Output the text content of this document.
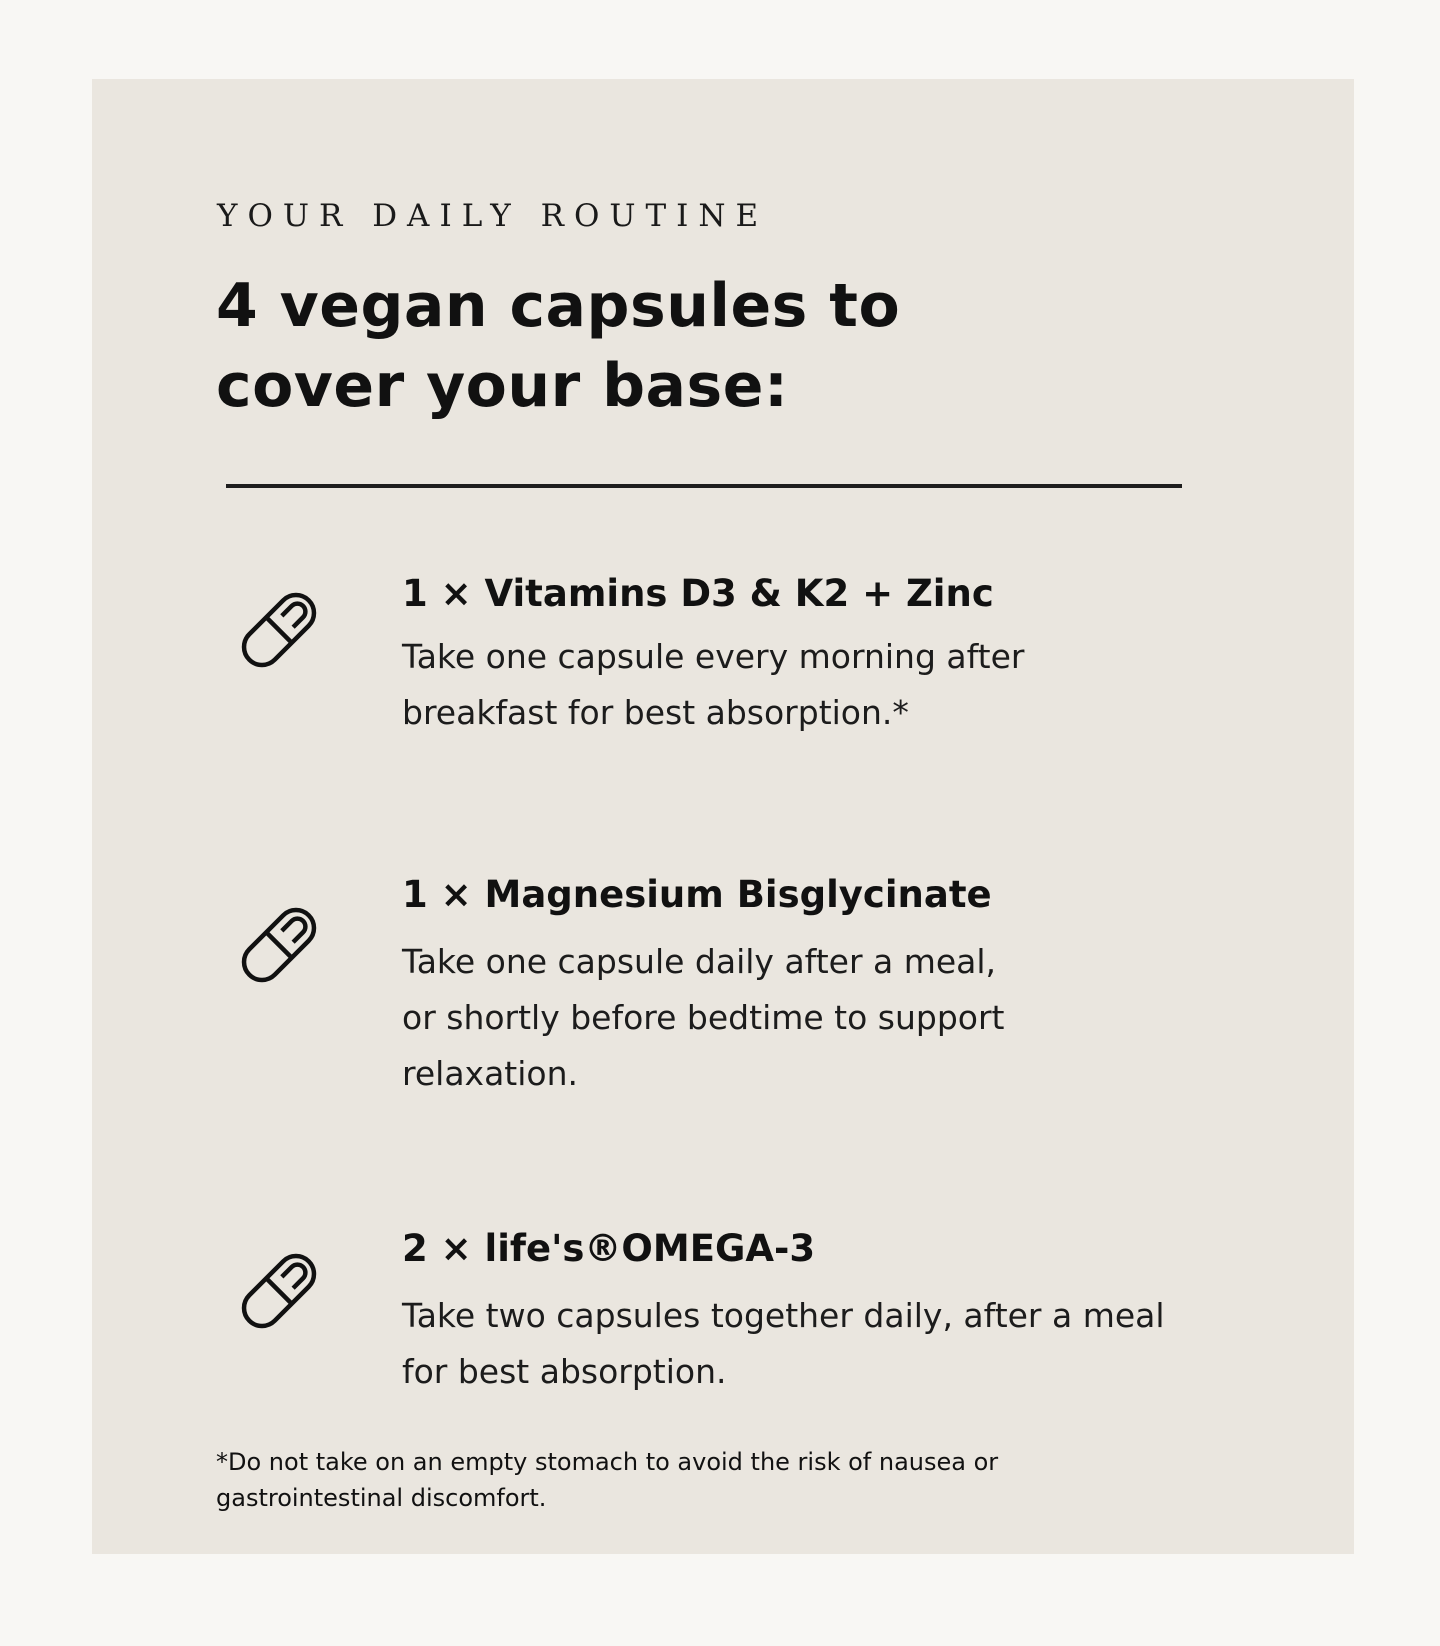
YOUR DAILY ROUTINE
4 vegan capsules to cover your base:
1 × Vitamins D3 & K2 + Zinc
Take one capsule every morning after breakfast for best absorption.*
1 × Magnesium Bisglycinate
Take one capsule daily after a meal, or shortly before bedtime to support relaxation.
2 × life's®OMEGA-3
Take two capsules together daily, after a meal for best absorption.
*Do not take on an empty stomach to avoid the risk of nausea or gastrointestinal discomfort.
